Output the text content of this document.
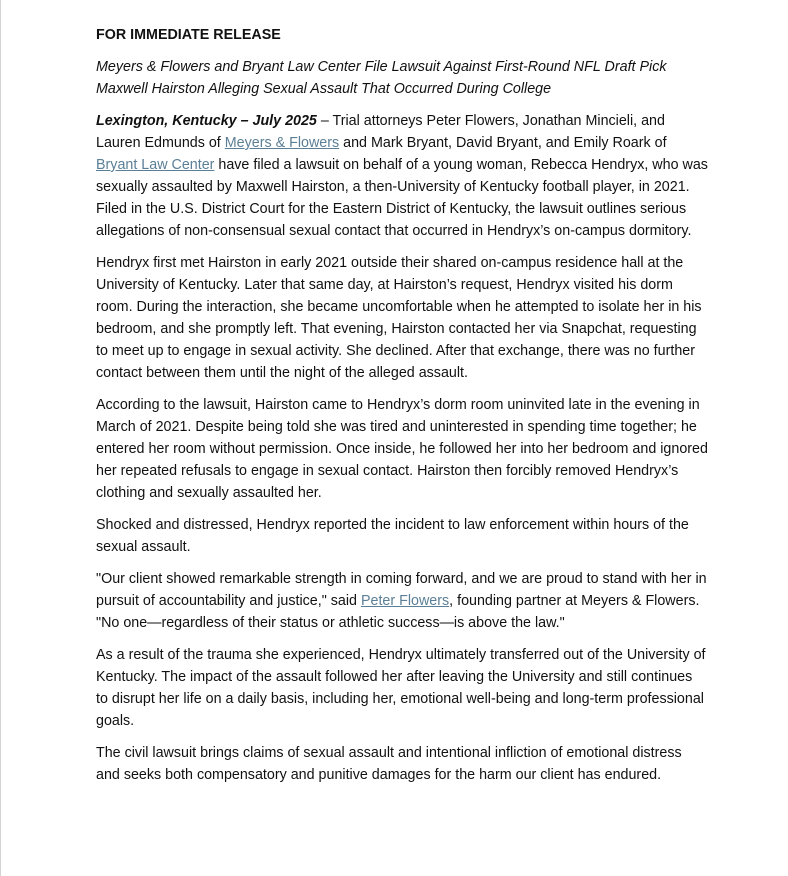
FOR IMMEDIATE RELEASE
Meyers & Flowers and Bryant Law Center File Lawsuit Against First-Round NFL Draft Pick Maxwell Hairston Alleging Sexual Assault That Occurred During College

Lexington, Kentucky – July 2025 – Trial attorneys Peter Flowers, Jonathan Mincieli, and Lauren Edmunds of Meyers & Flowers and Mark Bryant, David Bryant, and Emily Roark of Bryant Law Center have filed a lawsuit on behalf of a young woman, Rebecca Hendryx, who was sexually assaulted by Maxwell Hairston, a then-University of Kentucky football player, in 2021. Filed in the U.S. District Court for the Eastern District of Kentucky, the lawsuit outlines serious allegations of non-consensual sexual contact that occurred in Hendryx’s on-campus dormitory.

Hendryx first met Hairston in early 2021 outside their shared on-campus residence hall at the University of Kentucky. Later that same day, at Hairston’s request, Hendryx visited his dorm room. During the interaction, she became uncomfortable when he attempted to isolate her in his bedroom, and she promptly left. That evening, Hairston contacted her via Snapchat, requesting to meet up to engage in sexual activity. She declined. After that exchange, there was no further contact between them until the night of the alleged assault.

According to the lawsuit, Hairston came to Hendryx’s dorm room uninvited late in the evening in March of 2021. Despite being told she was tired and uninterested in spending time together; he entered her room without permission. Once inside, he followed her into her bedroom and ignored her repeated refusals to engage in sexual contact. Hairston then forcibly removed Hendryx’s clothing and sexually assaulted her.

Shocked and distressed, Hendryx reported the incident to law enforcement within hours of the sexual assault.

"Our client showed remarkable strength in coming forward, and we are proud to stand with her in pursuit of accountability and justice," said Peter Flowers, founding partner at Meyers & Flowers. "No one—regardless of their status or athletic success—is above the law."

As a result of the trauma she experienced, Hendryx ultimately transferred out of the University of Kentucky. The impact of the assault followed her after leaving the University and still continues to disrupt her life on a daily basis, including her, emotional well-being and long-term professional goals.

The civil lawsuit brings claims of sexual assault and intentional infliction of emotional distress and seeks both compensatory and punitive damages for the harm our client has endured.
